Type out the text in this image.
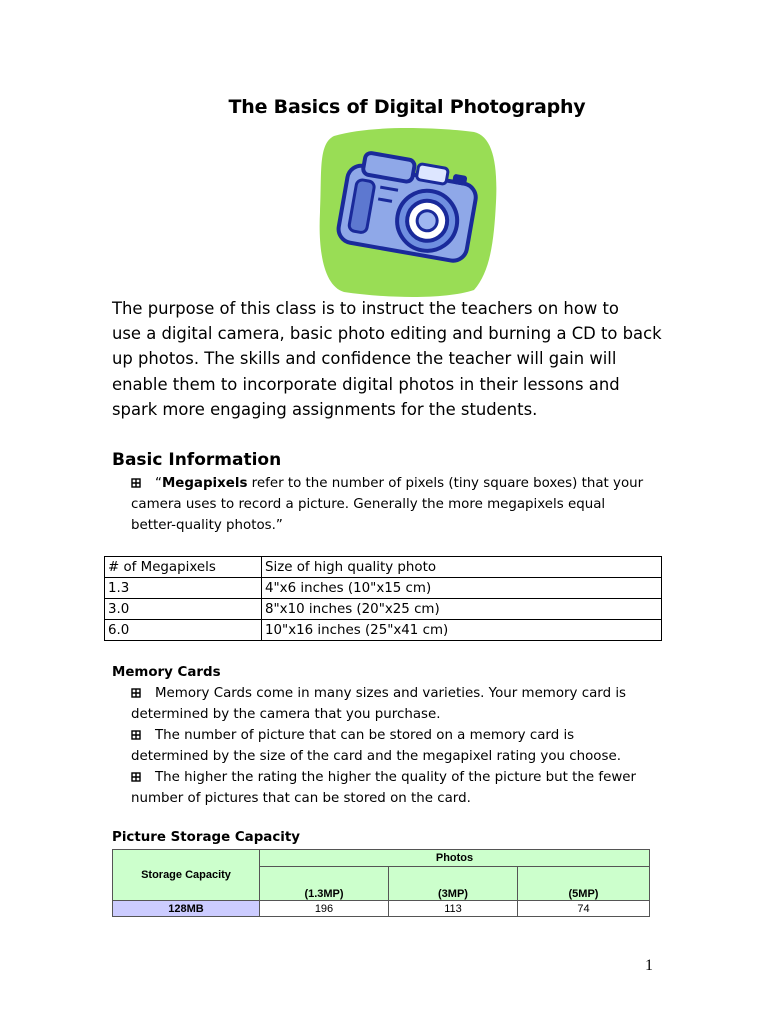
The Basics of Digital Photography
The purpose of this class is to instruct the teachers on how to
use a digital camera, basic photo editing and burning a CD to back
up photos. The skills and confidence the teacher will gain will
enable them to incorporate digital photos in their lessons and
spark more engaging assignments for the students.
Basic Information
“Megapixels refer to the number of pixels (tiny square boxes) that your
camera uses to record a picture. Generally the more megapixels equal
better-quality photos.”
# of Megapixels	Size of high quality photo
1.3	4"x6 inches (10"x15 cm)
3.0	8"x10 inches (20"x25 cm)
6.0	10"x16 inches (25"x41 cm)
Memory Cards
Memory Cards come in many sizes and varieties. Your memory card is
determined by the camera that you purchase.
The number of picture that can be stored on a memory card is
determined by the size of the card and the megapixel rating you choose.
The higher the rating the higher the quality of the picture but the fewer
number of pictures that can be stored on the card.
Picture Storage Capacity
Storage Capacity	Photos		
	(1.3MP)	(3MP)	(5MP)
128MB	196	113	74
1
